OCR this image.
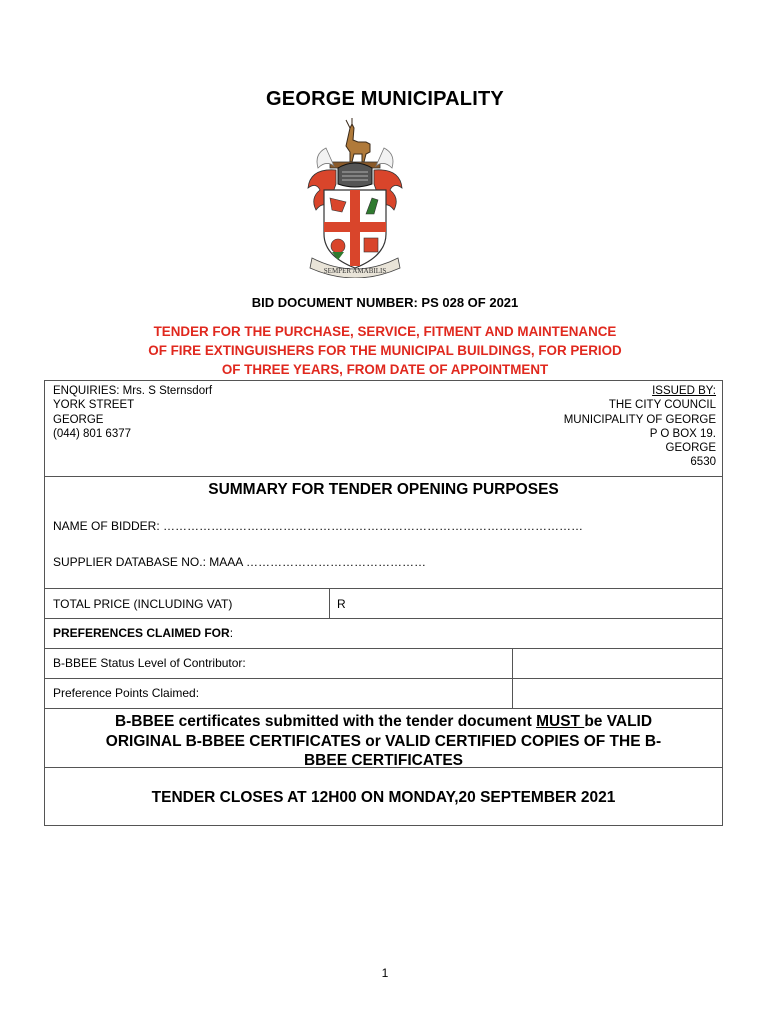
GEORGE MUNICIPALITY
SEMPER AMABILIS
BID DOCUMENT NUMBER: PS 028 OF 2021
TENDER FOR THE PURCHASE, SERVICE, FITMENT AND MAINTENANCE
OF FIRE EXTINGUISHERS FOR THE MUNICIPAL BUILDINGS, FOR PERIOD
OF THREE YEARS, FROM DATE OF APPOINTMENT
ENQUIRIES: Mrs. S Sternsdorf
YORK STREET
GEORGE
(044) 801 6377
ISSUED BY:
THE CITY COUNCIL
MUNICIPALITY OF GEORGE
P O BOX 19.
GEORGE
6530
SUMMARY FOR TENDER OPENING PURPOSES
NAME OF BIDDER: ……………………………………………………………………………………………
SUPPLIER DATABASE NO.: MAAA ………………………………………
TOTAL PRICE (INCLUDING VAT)	R
PREFERENCES CLAIMED FOR:
B-BBEE Status Level of Contributor:
Preference Points Claimed:
B-BBEE certificates submitted with the tender document MUST be VALID
ORIGINAL B-BBEE CERTIFICATES or VALID CERTIFIED COPIES OF THE B-
BBEE CERTIFICATES
TENDER CLOSES AT 12H00 ON MONDAY,20 SEPTEMBER 2021
1
